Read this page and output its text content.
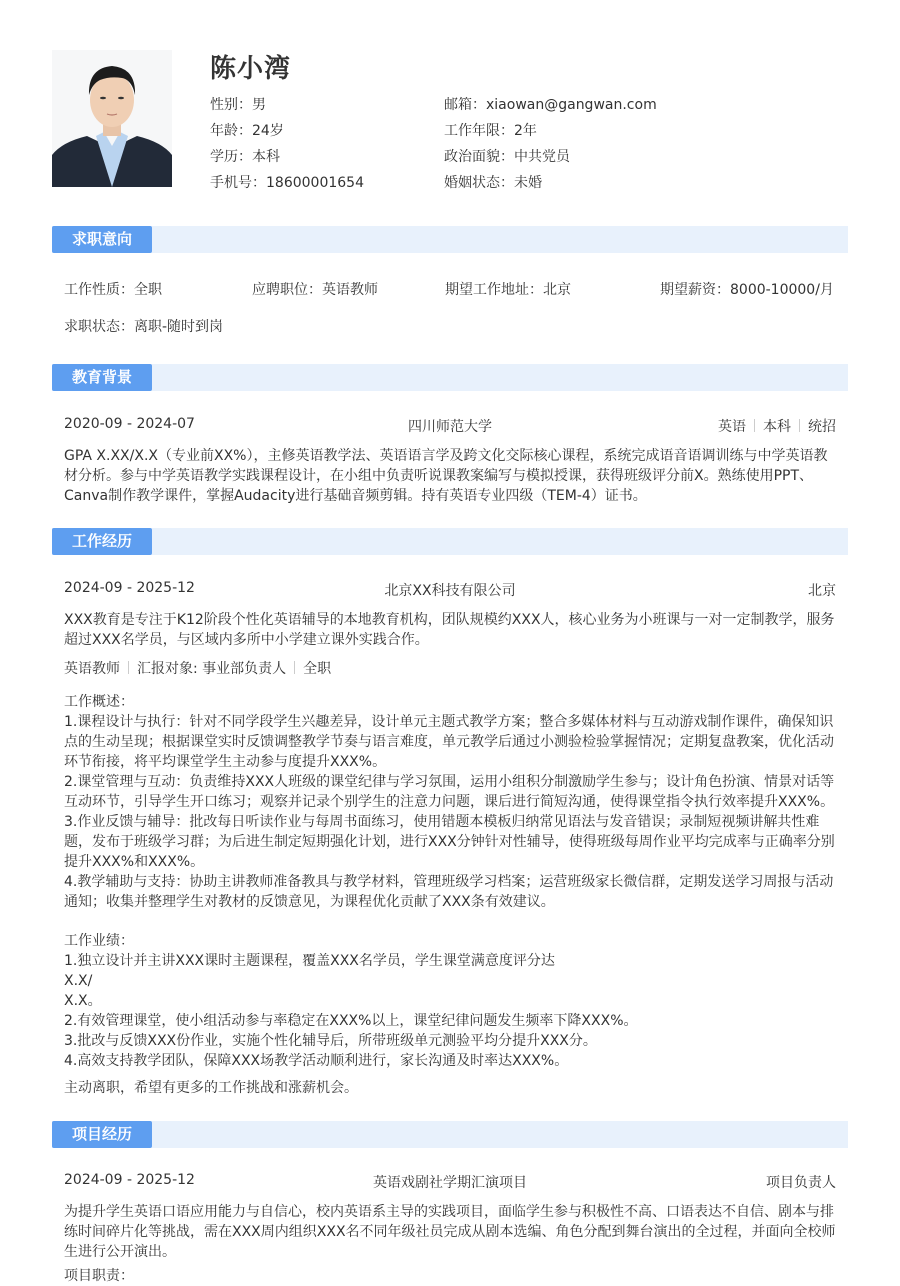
陈小湾
性别：男
年龄：24岁
学历：本科
手机号：18600001654
邮箱：xiaowan@gangwan.com
工作年限：2年
政治面貌：中共党员
婚姻状态：未婚
求职意向
工作性质：全职	应聘职位：英语教师	期望工作地址：北京	期望薪资：8000-10000/月
求职状态：离职-随时到岗
教育背景
2020-09 - 2024-07	四川师范大学	英语 本科 统招
GPA X.XX/X.X（专业前XX%），主修英语教学法、英语语言学及跨文化交际核心课程，系统完成语音语调训练与中学英语教材分析。参与中学英语教学实践课程设计，在小组中负责听说课教案编写与模拟授课，获得班级评分前X。熟练使用PPT、Canva制作教学课件，掌握Audacity进行基础音频剪辑。持有英语专业四级（TEM-4）证书。
工作经历
2024-09 - 2025-12	北京XX科技有限公司	北京
XXX教育是专注于K12阶段个性化英语辅导的本地教育机构，团队规模约XXX人，核心业务为小班课与一对一定制教学，服务超过XXX名学员，与区域内多所中小学建立课外实践合作。
英语教师 汇报对象: 事业部负责人 全职
工作概述：
1.课程设计与执行：针对不同学段学生兴趣差异，设计单元主题式教学方案；整合多媒体材料与互动游戏制作课件，确保知识点的生动呈现；根据课堂实时反馈调整教学节奏与语言难度，单元教学后通过小测验检验掌握情况；定期复盘教案，优化活动环节衔接，将平均课堂学生主动参与度提升XXX%。
2.课堂管理与互动：负责维持XXX人班级的课堂纪律与学习氛围，运用小组积分制激励学生参与；设计角色扮演、情景对话等互动环节，引导学生开口练习；观察并记录个别学生的注意力问题，课后进行简短沟通，使得课堂指令执行效率提升XXX%。
3.作业反馈与辅导：批改每日听读作业与每周书面练习，使用错题本模板归纳常见语法与发音错误；录制短视频讲解共性难题，发布于班级学习群；为后进生制定短期强化计划，进行XXX分钟针对性辅导，使得班级每周作业平均完成率与正确率分别提升XXX%和XXX%。
4.教学辅助与支持：协助主讲教师准备教具与教学材料，管理班级学习档案；运营班级家长微信群，定期发送学习周报与活动通知；收集并整理学生对教材的反馈意见，为课程优化贡献了XXX条有效建议。
工作业绩：
1.独立设计并主讲XXX课时主题课程，覆盖XXX名学员，学生课堂满意度评分达
X.X/
X.X。
2.有效管理课堂，使小组活动参与率稳定在XXX%以上，课堂纪律问题发生频率下降XXX%。
3.批改与反馈XXX份作业，实施个性化辅导后，所带班级单元测验平均分提升XXX分。
4.高效支持教学团队，保障XXX场教学活动顺利进行，家长沟通及时率达XXX%。
主动离职，希望有更多的工作挑战和涨薪机会。
项目经历
2024-09 - 2025-12	英语戏剧社学期汇演项目	项目负责人
为提升学生英语口语应用能力与自信心，校内英语系主导的实践项目，面临学生参与积极性不高、口语表达不自信、剧本与排练时间碎片化等挑战，需在XXX周内组织XXX名不同年级社员完成从剧本选编、角色分配到舞台演出的全过程，并面向全校师生进行公开演出。
项目职责：
